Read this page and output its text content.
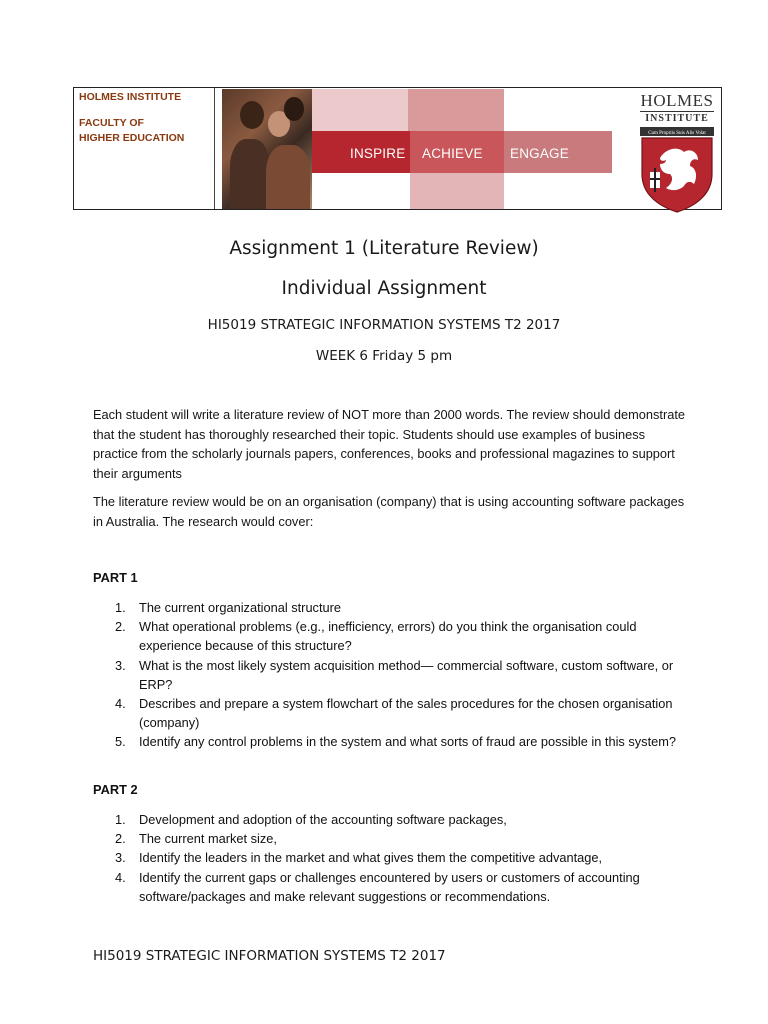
HOLMES INSTITUTE
FACULTY OF
HIGHER EDUCATION
INSPIRE ACHIEVE ENGAGE
HOLMES
INSTITUTE
Cum Propriis Suis Alis Volat
Assignment 1 (Literature Review)
Individual Assignment
HI5019 STRATEGIC INFORMATION SYSTEMS T2 2017
WEEK 6 Friday 5 pm
Each student will write a literature review of NOT more than 2000 words. The review should demonstrate that the student has thoroughly researched their topic. Students should use examples of business practice from the scholarly journals papers, conferences, books and professional magazines to support their arguments
The literature review would be on an organisation (company) that is using accounting software packages in Australia. The research would cover:
PART 1
1. The current organizational structure
2. What operational problems (e.g., inefficiency, errors) do you think the organisation could experience because of this structure?
3. What is the most likely system acquisition method— commercial software, custom software, or ERP?
4. Describes and prepare a system flowchart of the sales procedures for the chosen organisation (company)
5. Identify any control problems in the system and what sorts of fraud are possible in this system?
PART 2
1. Development and adoption of the accounting software packages,
2. The current market size,
3. Identify the leaders in the market and what gives them the competitive advantage,
4. Identify the current gaps or challenges encountered by users or customers of accounting software/packages and make relevant suggestions or recommendations.
HI5019 STRATEGIC INFORMATION SYSTEMS T2 2017
